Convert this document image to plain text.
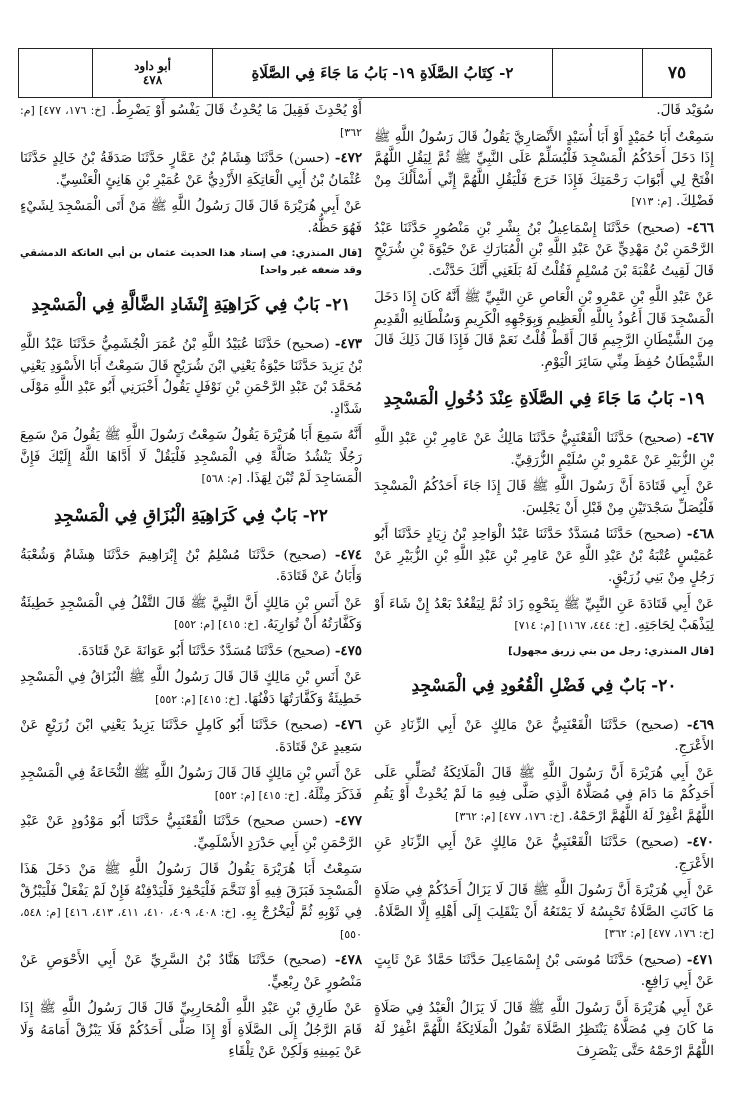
أبو داود
٤٧٨	٢- كِتَابُ الصَّلَاةِ ١٩- بَابُ مَا جَاءَ فِي الصَّلَاةِ	٧٥

سُوَيْد قَالَ.

سَمِعْتُ أَبَا حُمَيْدٍ أَوْ أَبَا أُسَيْدٍ الأَنْصَارِيَّ يَقُولُ قَالَ رَسُولُ اللَّهِ ﷺ إِذَا دَخَلَ أَحَدُكُمُ الْمَسْجِدَ فَلْيُسَلِّمْ عَلَى النَّبِيِّ ﷺ ثُمَّ لِيَقُلِ اللَّهُمَّ افْتَحْ لِي أَبْوَابَ رَحْمَتِكَ فَإِذَا خَرَجَ فَلْيَقُلِ اللَّهُمَّ إِنِّي أَسْأَلُكَ مِنْ فَضْلِكَ. [م: ٧١٣]

٤٦٦- (صحيح) حَدَّثَنَا إِسْمَاعِيلُ بْنُ بِشْرِ بْنِ مَنْصُورٍ حَدَّثَنَا عَبْدُ الرَّحْمَنِ بْنُ مَهْدِيٍّ عَنْ عَبْدِ اللَّهِ بْنِ الْمُبَارَكِ عَنْ حَيْوَةَ بْنِ شُرَيْحٍ قَالَ لَقِيتُ عُقْبَةَ بْنَ مُسْلِمٍ فَقُلْتُ لَهُ بَلَغَنِي أَنَّكَ حَدَّثْتَ.

عَنْ عَبْدِ اللَّهِ بْنِ عَمْرِو بْنِ الْعَاصِ عَنِ النَّبِيِّ ﷺ أَنَّهُ كَانَ إِذَا دَخَلَ الْمَسْجِدَ قَالَ أَعُوذُ بِاللَّهِ الْعَظِيمِ وَبِوَجْهِهِ الْكَرِيمِ وَسُلْطَانِهِ الْقَدِيمِ مِنَ الشَّيْطَانِ الرَّجِيمِ قَالَ أَقَطْ قُلْتُ نَعَمْ قَالَ فَإِذَا قَالَ ذَلِكَ قَالَ الشَّيْطَانُ حُفِظَ مِنِّي سَائِرَ الْيَوْمِ.

١٩- بَابُ مَا جَاءَ فِي الصَّلَاةِ عِنْدَ دُخُولِ الْمَسْجِدِ

٤٦٧- (صحيح) حَدَّثَنَا الْقَعْنَبِيُّ حَدَّثَنَا مَالِكٌ عَنْ عَامِرِ بْنِ عَبْدِ اللَّهِ بْنِ الزُّبَيْرِ عَنْ عَمْرِو بْنِ سُلَيْمٍ الزُّرَقِيِّ.

عَنْ أَبِي قَتَادَةَ أَنَّ رَسُولَ اللَّهِ ﷺ قَالَ إِذَا جَاءَ أَحَدُكُمُ الْمَسْجِدَ فَلْيُصَلِّ سَجْدَتَيْنِ مِنْ قَبْلِ أَنْ يَجْلِسَ.

٤٦٨- (صحيح) حَدَّثَنَا مُسَدَّدٌ حَدَّثَنَا عَبْدُ الْوَاحِدِ بْنُ زِيَادٍ حَدَّثَنَا أَبُو عُمَيْسٍ عُتْبَةُ بْنُ عَبْدِ اللَّهِ عَنْ عَامِرِ بْنِ عَبْدِ اللَّهِ بْنِ الزُّبَيْرِ عَنْ رَجُلٍ مِنْ بَنِي زُرَيْقٍ.

عَنْ أَبِي قَتَادَةَ عَنِ النَّبِيِّ ﷺ بِنَحْوِهِ زَادَ ثُمَّ لِيَقْعُدْ بَعْدُ إِنْ شَاءَ أَوْ لِيَذْهَبْ لِحَاجَتِهِ. [خ: ٤٤٤، ١١٦٧] [م: ٧١٤]

[قال المنذري: رجل من بني زريق مجهول]
٢٠- بَابٌ فِي فَضْلِ الْقُعُودِ فِي الْمَسْجِدِ

٤٦٩- (صحيح) حَدَّثَنَا الْقَعْنَبِيُّ عَنْ مَالِكٍ عَنْ أَبِي الزِّنَادِ عَنِ الأَعْرَجِ.

عَنْ أَبِي هُرَيْرَةَ أَنَّ رَسُولَ اللَّهِ ﷺ قَالَ الْمَلَائِكَةُ تُصَلِّي عَلَى أَحَدِكُمْ مَا دَامَ فِي مُصَلَّاهُ الَّذِي صَلَّى فِيهِ مَا لَمْ يُحْدِثْ أَوْ يَقُمِ اللَّهُمَّ اغْفِرْ لَهُ اللَّهُمَّ ارْحَمْهُ. [خ: ١٧٦، ٤٧٧] [م: ٣٦٢]

٤٧٠- (صحيح) حَدَّثَنَا الْقَعْنَبِيُّ عَنْ مَالِكٍ عَنْ أَبِي الزِّنَادِ عَنِ الأَعْرَجِ.

عَنْ أَبِي هُرَيْرَةَ أَنَّ رَسُولَ اللَّهِ ﷺ قَالَ لَا يَزَالُ أَحَدُكُمْ فِي صَلَاةٍ مَا كَانَتِ الصَّلَاةُ تَحْبِسُهُ لَا يَمْنَعُهُ أَنْ يَنْقَلِبَ إِلَى أَهْلِهِ إِلَّا الصَّلَاةُ. [خ: ١٧٦، ٤٧٧] [م: ٣٦٢]

٤٧١- (صحيح) حَدَّثَنَا مُوسَى بْنُ إِسْمَاعِيلَ حَدَّثَنَا حَمَّادٌ عَنْ ثَابِتٍ عَنْ أَبِي رَافِعٍ.

عَنْ أَبِي هُرَيْرَةَ أَنَّ رَسُولَ اللَّهِ ﷺ قَالَ لَا يَزَالُ الْعَبْدُ فِي صَلَاةٍ مَا كَانَ فِي مُصَلَّاهُ يَنْتَظِرُ الصَّلَاةَ تَقُولُ الْمَلَائِكَةُ اللَّهُمَّ اغْفِرْ لَهُ اللَّهُمَّ ارْحَمْهُ حَتَّى يَنْصَرِفَ

أَوْ يُحْدِثَ فَقِيلَ مَا يُحْدِثُ قَالَ يَفْسُو أَوْ يَضْرِطُ. [خ: ١٧٦، ٤٧٧] [م: ٣٦٢]

٤٧٢- (حسن) حَدَّثَنَا هِشَامُ بْنُ عَمَّارٍ حَدَّثَنَا صَدَقَةُ بْنُ خَالِدٍ حَدَّثَنَا عُثْمَانُ بْنُ أَبِي الْعَاتِكَةِ الأَزْدِيُّ عَنْ عُمَيْرِ بْنِ هَانِئٍ الْعَنْسِيِّ.

عَنْ أَبِي هُرَيْرَةَ قَالَ قَالَ رَسُولُ اللَّهِ ﷺ مَنْ أَتَى الْمَسْجِدَ لِشَيْءٍ فَهُوَ حَظُّهُ.

[قال المنذري: في إسناد هذا الحديث عثمان بن أبي العاتكة الدمشقي وقد ضعفه غير واحد]
٢١- بَابٌ فِي كَرَاهِيَةِ إِنْشَادِ الضَّالَّةِ فِي الْمَسْجِدِ

٤٧٣- (صحيح) حَدَّثَنَا عُبَيْدُ اللَّهِ بْنُ عُمَرَ الْجُشَمِيُّ حَدَّثَنَا عَبْدُ اللَّهِ بْنُ يَزِيدَ حَدَّثَنَا حَيْوَةُ يَعْنِي ابْنَ شُرَيْحٍ قَالَ سَمِعْتُ أَبَا الأَسْوَدِ يَعْنِي مُحَمَّدَ بْنَ عَبْدِ الرَّحْمَنِ بْنِ نَوْفَلٍ يَقُولُ أَخْبَرَنِي أَبُو عَبْدِ اللَّهِ مَوْلَى شَدَّادٍ.

أَنَّهُ سَمِعَ أَبَا هُرَيْرَةَ يَقُولُ سَمِعْتُ رَسُولَ اللَّهِ ﷺ يَقُولُ مَنْ سَمِعَ رَجُلًا يَنْشُدُ ضَالَّةً فِي الْمَسْجِدِ فَلْيَقُلْ لَا أَدَّاهَا اللَّهُ إِلَيْكَ فَإِنَّ الْمَسَاجِدَ لَمْ تُبْنَ لِهَذَا. [م: ٥٦٨]

٢٢- بَابٌ فِي كَرَاهِيَةِ الْبُزَاقِ فِي الْمَسْجِدِ

٤٧٤- (صحيح) حَدَّثَنَا مُسْلِمُ بْنُ إِبْرَاهِيمَ حَدَّثَنَا هِشَامٌ وَشُعْبَةُ وَأَبَانُ عَنْ قَتَادَةَ.

عَنْ أَنَسِ بْنِ مَالِكٍ أَنَّ النَّبِيَّ ﷺ قَالَ التَّفْلُ فِي الْمَسْجِدِ خَطِيئَةٌ وَكَفَّارَتُهُ أَنْ تُوَارِيَهُ. [خ: ٤١٥] [م: ٥٥٢]

٤٧٥- (صحيح) حَدَّثَنَا مُسَدَّدٌ حَدَّثَنَا أَبُو عَوَانَةَ عَنْ قَتَادَةَ.

عَنْ أَنَسِ بْنِ مَالِكٍ قَالَ قَالَ رَسُولُ اللَّهِ ﷺ الْبُزَاقُ فِي الْمَسْجِدِ خَطِيئَةٌ وَكَفَّارَتُهَا دَفْنُهَا. [خ: ٤١٥] [م: ٥٥٢]

٤٧٦- (صحيح) حَدَّثَنَا أَبُو كَامِلٍ حَدَّثَنَا يَزِيدُ يَعْنِي ابْنَ زُرَيْعٍ عَنْ سَعِيدٍ عَنْ قَتَادَةَ.

عَنْ أَنَسِ بْنِ مَالِكٍ قَالَ قَالَ رَسُولُ اللَّهِ ﷺ النُّخَاعَةُ فِي الْمَسْجِدِ فَذَكَرَ مِثْلَهُ. [خ: ٤١٥] [م: ٥٥٢]

٤٧٧- (حسن صحيح) حَدَّثَنَا الْقَعْنَبِيُّ حَدَّثَنَا أَبُو مَوْدُودٍ عَنْ عَبْدِ الرَّحْمَنِ بْنِ أَبِي حَدْرَدٍ الأَسْلَمِيِّ.

سَمِعْتُ أَبَا هُرَيْرَةَ يَقُولُ قَالَ رَسُولُ اللَّهِ ﷺ مَنْ دَخَلَ هَذَا الْمَسْجِدَ فَبَزَقَ فِيهِ أَوْ تَنَخَّمَ فَلْيَحْفِرْ فَلْيَدْفِنْهُ فَإِنْ لَمْ يَفْعَلْ فَلْيَبْزُقْ فِي ثَوْبِهِ ثُمَّ لْيَخْرُجْ بِهِ. [خ: ٤٠٨، ٤٠٩، ٤١٠، ٤١١، ٤١٣، ٤١٦] [م: ٥٤٨، ٥٥٠]

٤٧٨- (صحيح) حَدَّثَنَا هَنَّادُ بْنُ السَّرِيِّ عَنْ أَبِي الأَحْوَصِ عَنْ مَنْصُورٍ عَنْ رِبْعِيٍّ.

عَنْ طَارِقِ بْنِ عَبْدِ اللَّهِ الْمُحَارِبِيِّ قَالَ قَالَ رَسُولُ اللَّهِ ﷺ إِذَا قَامَ الرَّجُلُ إِلَى الصَّلَاةِ أَوْ إِذَا صَلَّى أَحَدُكُمْ فَلَا يَبْزُقْ أَمَامَهُ وَلَا عَنْ يَمِينِهِ وَلَكِنْ عَنْ تِلْقَاءِ
